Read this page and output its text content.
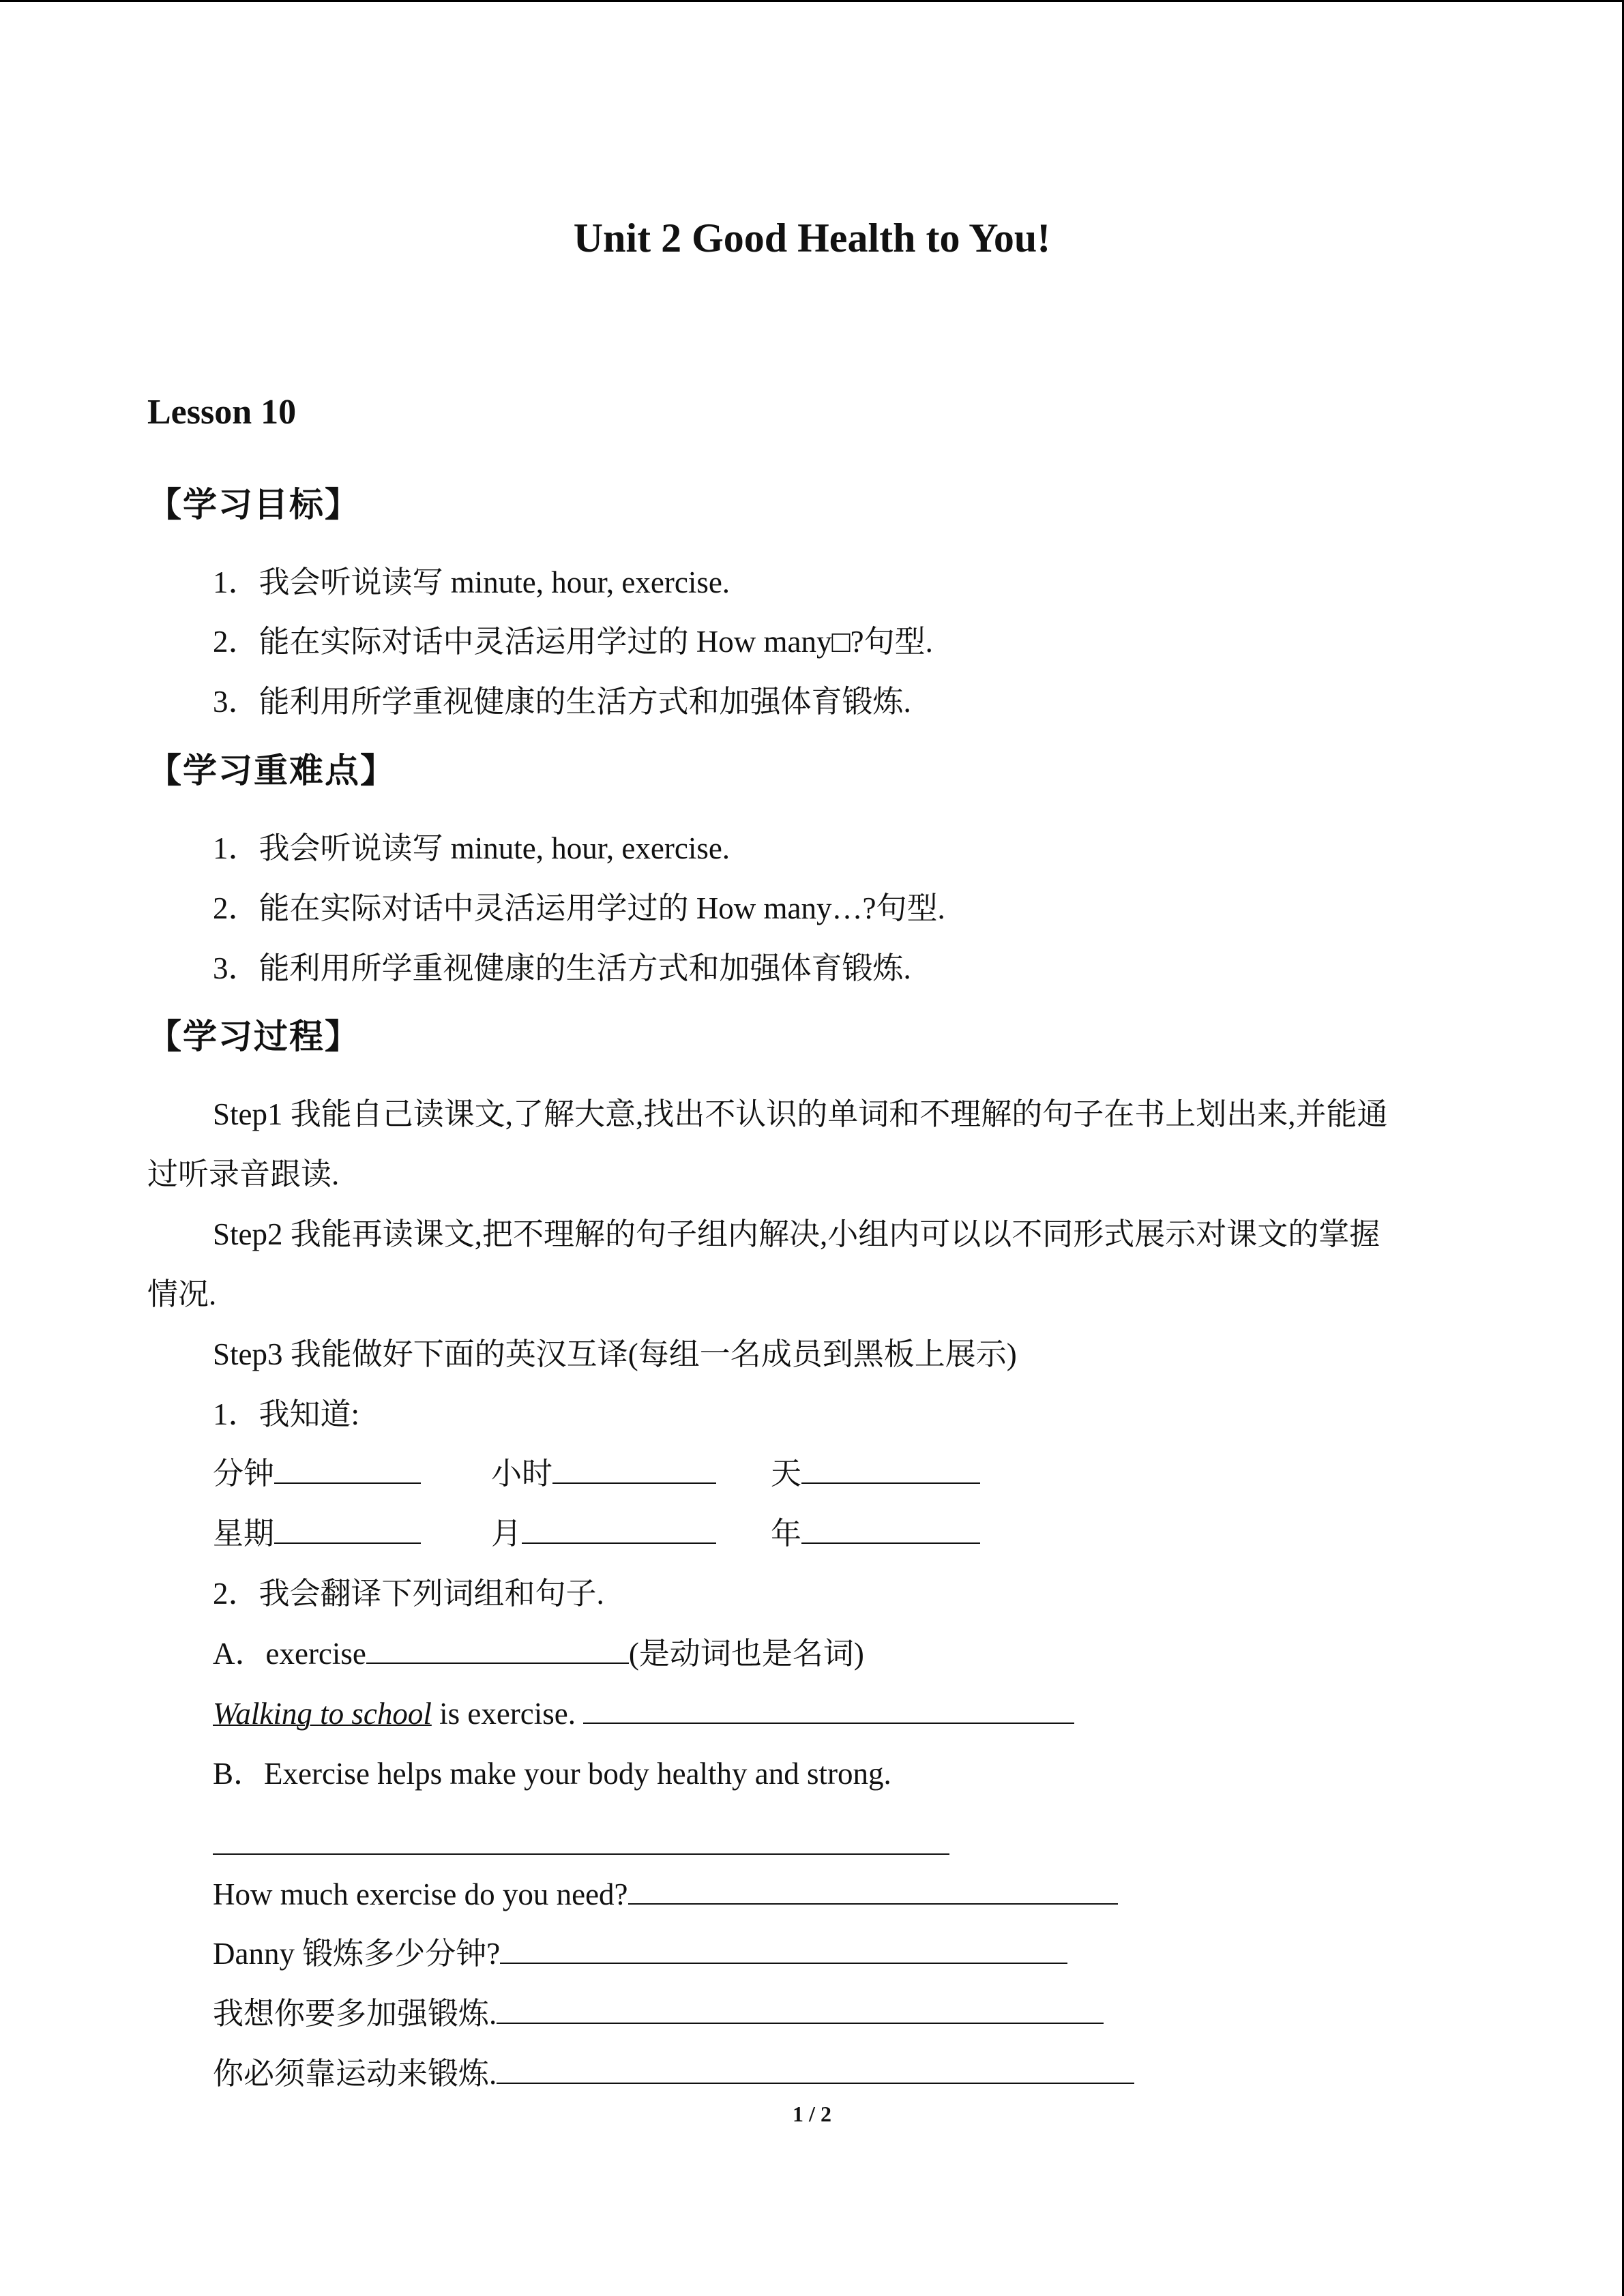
Unit 2 Good Health to You!
Lesson 10
【学习目标】
1．我会听说读写 minute, hour, exercise.
2．能在实际对话中灵活运用学过的 How many□?句型.
3．能利用所学重视健康的生活方式和加强体育锻炼.
【学习重难点】
1．我会听说读写 minute, hour, exercise.
2．能在实际对话中灵活运用学过的 How many…?句型.
3．能利用所学重视健康的生活方式和加强体育锻炼.
【学习过程】
Step1 我能自己读课文,了解大意,找出不认识的单词和不理解的句子在书上划出来,并能通
过听录音跟读.
Step2 我能再读课文,把不理解的句子组内解决,小组内可以以不同形式展示对课文的掌握
情况.
Step3 我能做好下面的英汉互译(每组一名成员到黑板上展示)
1．我知道:
分钟	小时	天
星期	月	年
2．我会翻译下列词组和句子.
A．exercise	(是动词也是名词)
Walking to school is exercise.
B．Exercise helps make your body healthy and strong.
How much exercise do you need?
Danny 锻炼多少分钟?
我想你要多加强锻炼.
你必须靠运动来锻炼.
1 / 2
